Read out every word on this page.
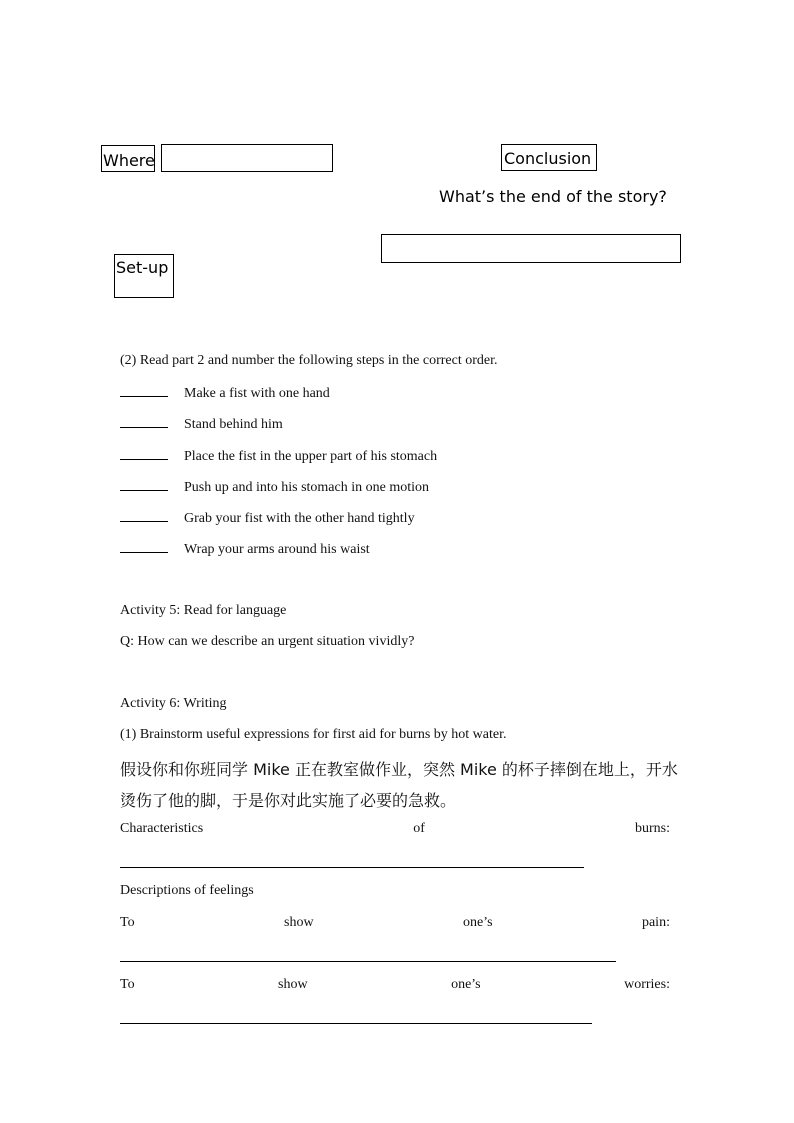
Where	Conclusion
What’s the end of the story?
Set-up
(2) Read part 2 and number the following steps in the correct order.
Make a fist with one hand
Stand behind him
Place the fist in the upper part of his stomach
Push up and into his stomach in one motion
Grab your fist with the other hand tightly
Wrap your arms around his waist
Activity 5: Read for language
Q: How can we describe an urgent situation vividly?
Activity 6: Writing
(1) Brainstorm useful expressions for first aid for burns by hot water.
假设你和你班同学 Mike 正在教室做作业，突然 Mike 的杯子摔倒在地上，开水
烫伤了他的脚，于是你对此实施了必要的急救。
Characteristics	of	burns:
Descriptions of feelings
To	show	one’s	pain:
To	show	one’s	worries:
